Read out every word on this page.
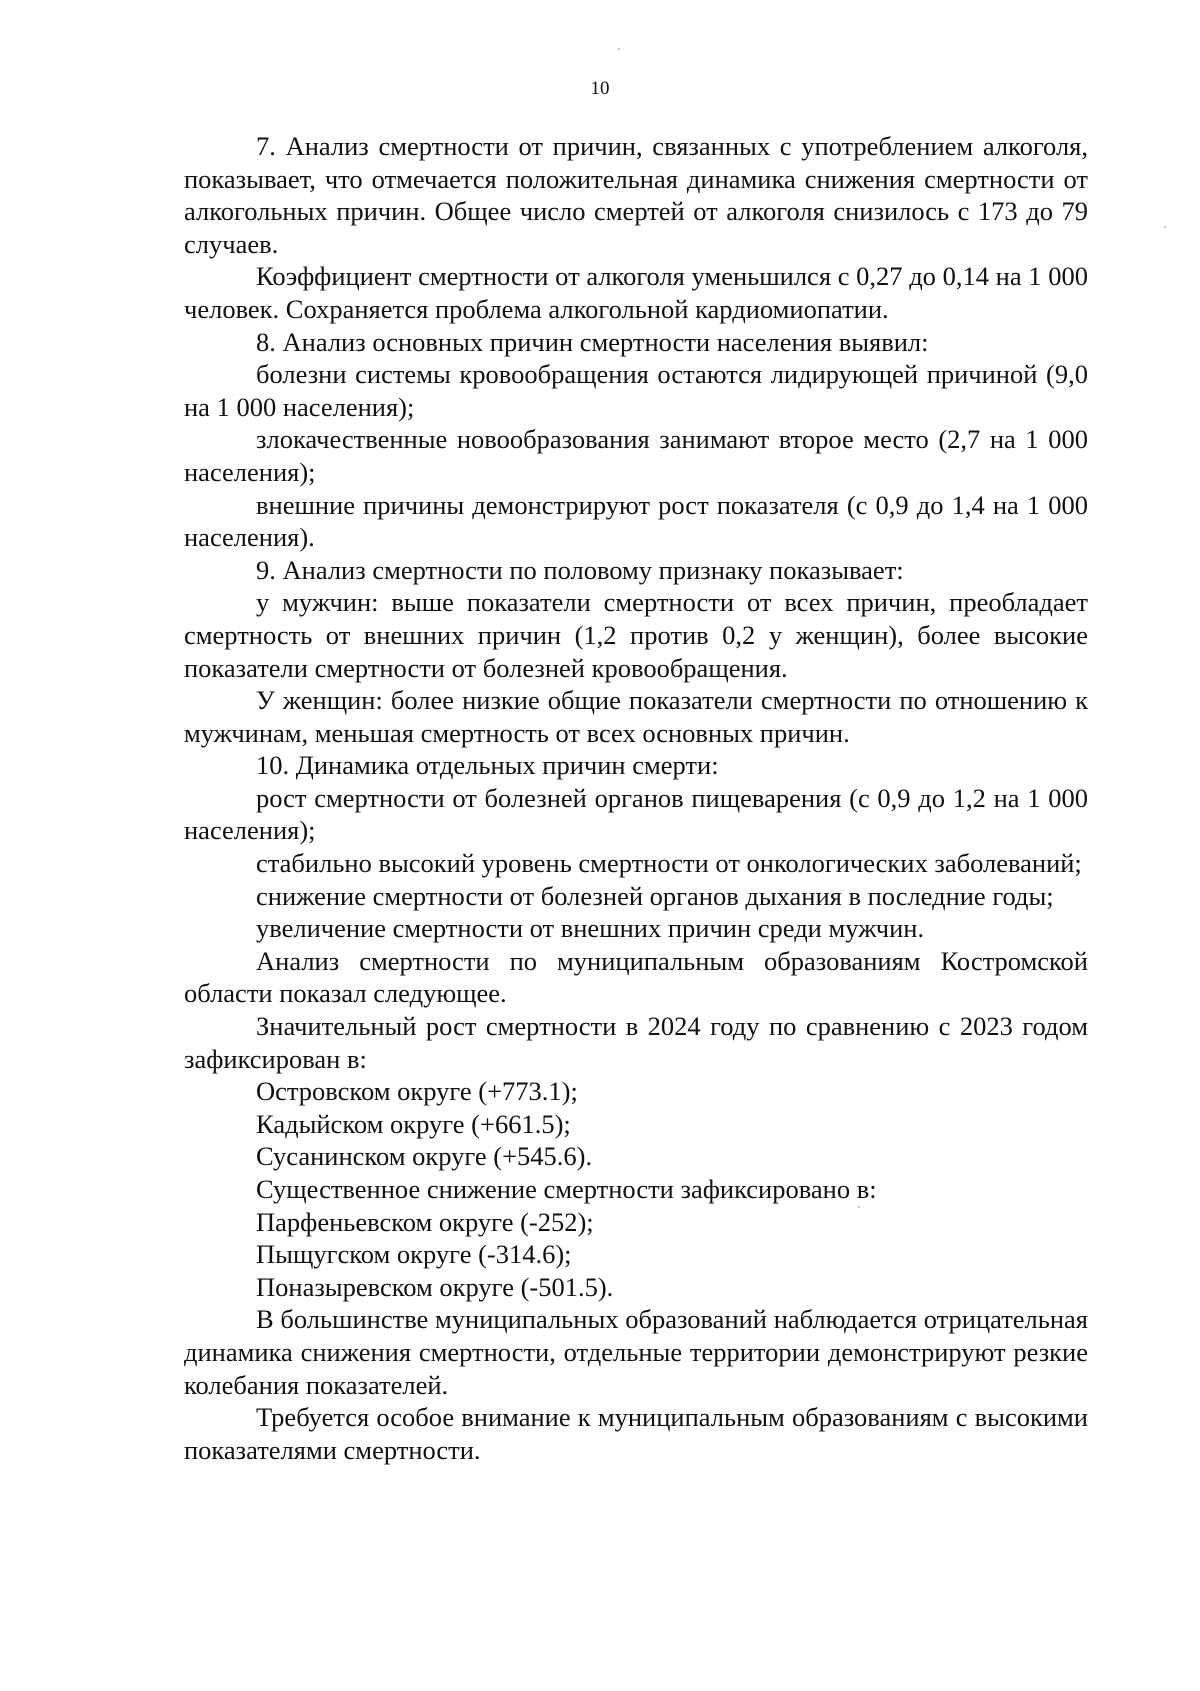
10

7. Анализ смертности от причин, связанных с употреблением алкоголя, показывает, что отмечается положительная динамика снижения смертности от алкогольных причин. Общее число смертей от алкоголя снизилось с 173 до 79 случаев.

Коэффициент смертности от алкоголя уменьшился с 0,27 до 0,14 на 1 000 человек. Сохраняется проблема алкогольной кардиомиопатии.

8. Анализ основных причин смертности населения выявил:

болезни системы кровообращения остаются лидирующей причиной (9,0 на 1 000 населения);

злокачественные новообразования занимают второе место (2,7 на 1 000 населения);

внешние причины демонстрируют рост показателя (с 0,9 до 1,4 на 1 000 населения).

9. Анализ смертности по половому признаку показывает:

у мужчин: выше показатели смертности от всех причин, преобладает смертность от внешних причин (1,2 против 0,2 у женщин), более высокие показатели смертности от болезней кровообращения.

У женщин: более низкие общие показатели смертности по отношению к мужчинам, меньшая смертность от всех основных причин.

10. Динамика отдельных причин смерти:

рост смертности от болезней органов пищеварения (с 0,9 до 1,2 на 1 000 населения);

стабильно высокий уровень смертности от онкологических заболеваний;

снижение смертности от болезней органов дыхания в последние годы;

увеличение смертности от внешних причин среди мужчин.

Анализ смертности по муниципальным образованиям Костромской области показал следующее.

Значительный рост смертности в 2024 году по сравнению с 2023 годом зафиксирован в:

Островском округе (+773.1);

Кадыйском округе (+661.5);

Сусанинском округе (+545.6).

Существенное снижение смертности зафиксировано в:

Парфеньевском округе (-252);

Пыщугском округе (-314.6);

Поназыревском округе (-501.5).

В большинстве муниципальных образований наблюдается отрицательная динамика снижения смертности, отдельные территории демонстрируют резкие колебания показателей.

Требуется особое внимание к муниципальным образованиям с высокими показателями смертности.
